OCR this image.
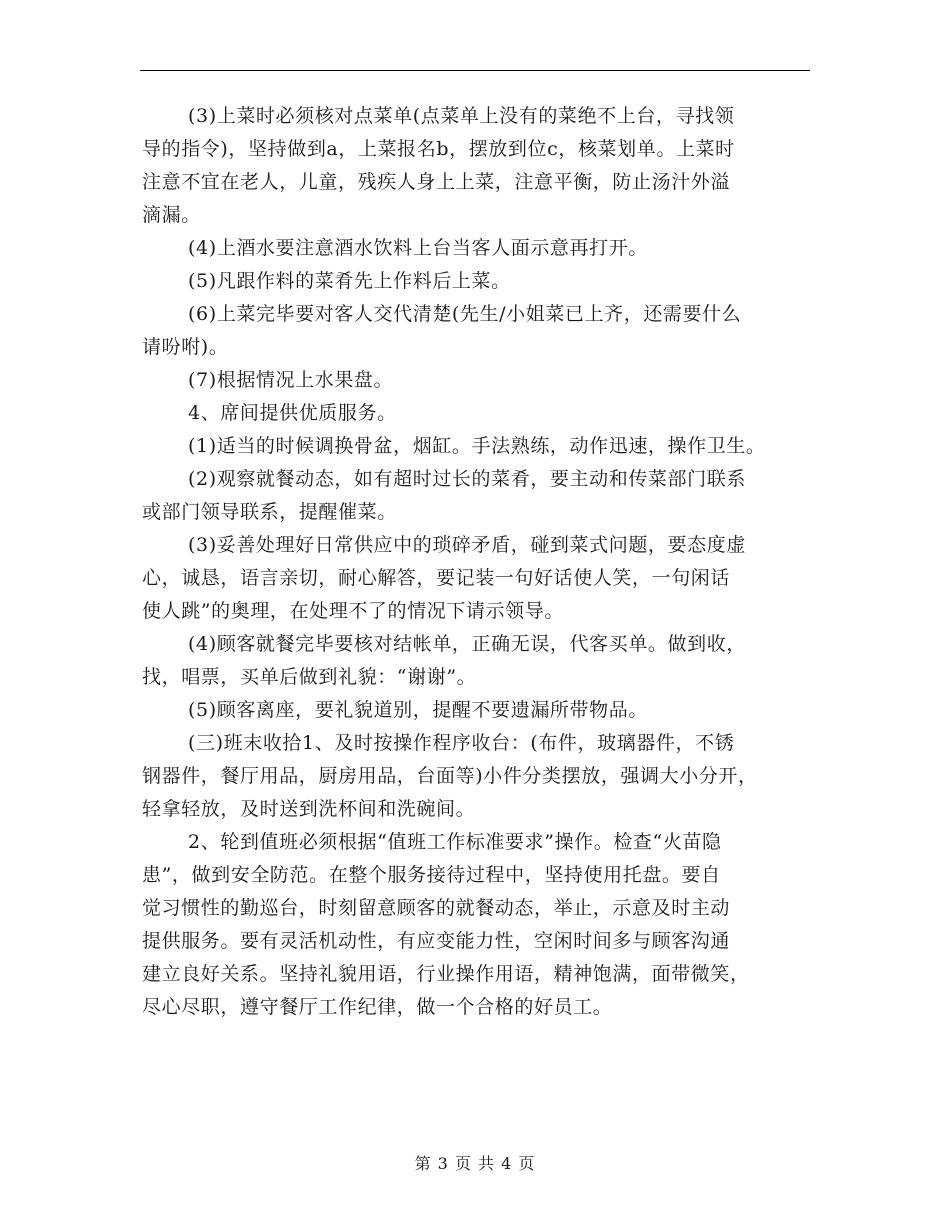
(3)上菜时必须核对点菜单(点菜单上没有的菜绝不上台，寻找领
导的指令)，坚持做到a，上菜报名b，摆放到位c，核菜划单。上菜时
注意不宜在老人，儿童，残疾人身上上菜，注意平衡，防止汤汁外溢
滴漏。
(4)上酒水要注意酒水饮料上台当客人面示意再打开。
(5)凡跟作料的菜肴先上作料后上菜。
(6)上菜完毕要对客人交代清楚(先生/小姐菜已上齐，还需要什么
请吩咐)。
(7)根据情况上水果盘。
4、席间提供优质服务。
(1)适当的时候调换骨盆，烟缸。手法熟练，动作迅速，操作卫生。
(2)观察就餐动态，如有超时过长的菜肴，要主动和传菜部门联系
或部门领导联系，提醒催菜。
(3)妥善处理好日常供应中的琐碎矛盾，碰到菜式问题，要态度虚
心，诚恳，语言亲切，耐心解答，要记装一句好话使人笑，一句闲话
使人跳”的奥理，在处理不了的情况下请示领导。
(4)顾客就餐完毕要核对结帐单，正确无误，代客买单。做到收，
找，唱票，买单后做到礼貌：“谢谢”。
(5)顾客离座，要礼貌道别，提醒不要遗漏所带物品。
(三)班末收拾1、及时按操作程序收台：(布件，玻璃器件，不锈
钢器件，餐厅用品，厨房用品，台面等)小件分类摆放，强调大小分开，
轻拿轻放，及时送到洗杯间和洗碗间。
2、轮到值班必须根据“值班工作标准要求”操作。检查“火苗隐
患”，做到安全防范。在整个服务接待过程中，坚持使用托盘。要自
觉习惯性的勤巡台，时刻留意顾客的就餐动态，举止，示意及时主动
提供服务。要有灵活机动性，有应变能力性，空闲时间多与顾客沟通
建立良好关系。坚持礼貌用语，行业操作用语，精神饱满，面带微笑，
尽心尽职，遵守餐厅工作纪律，做一个合格的好员工。
第 3 页 共 4 页
